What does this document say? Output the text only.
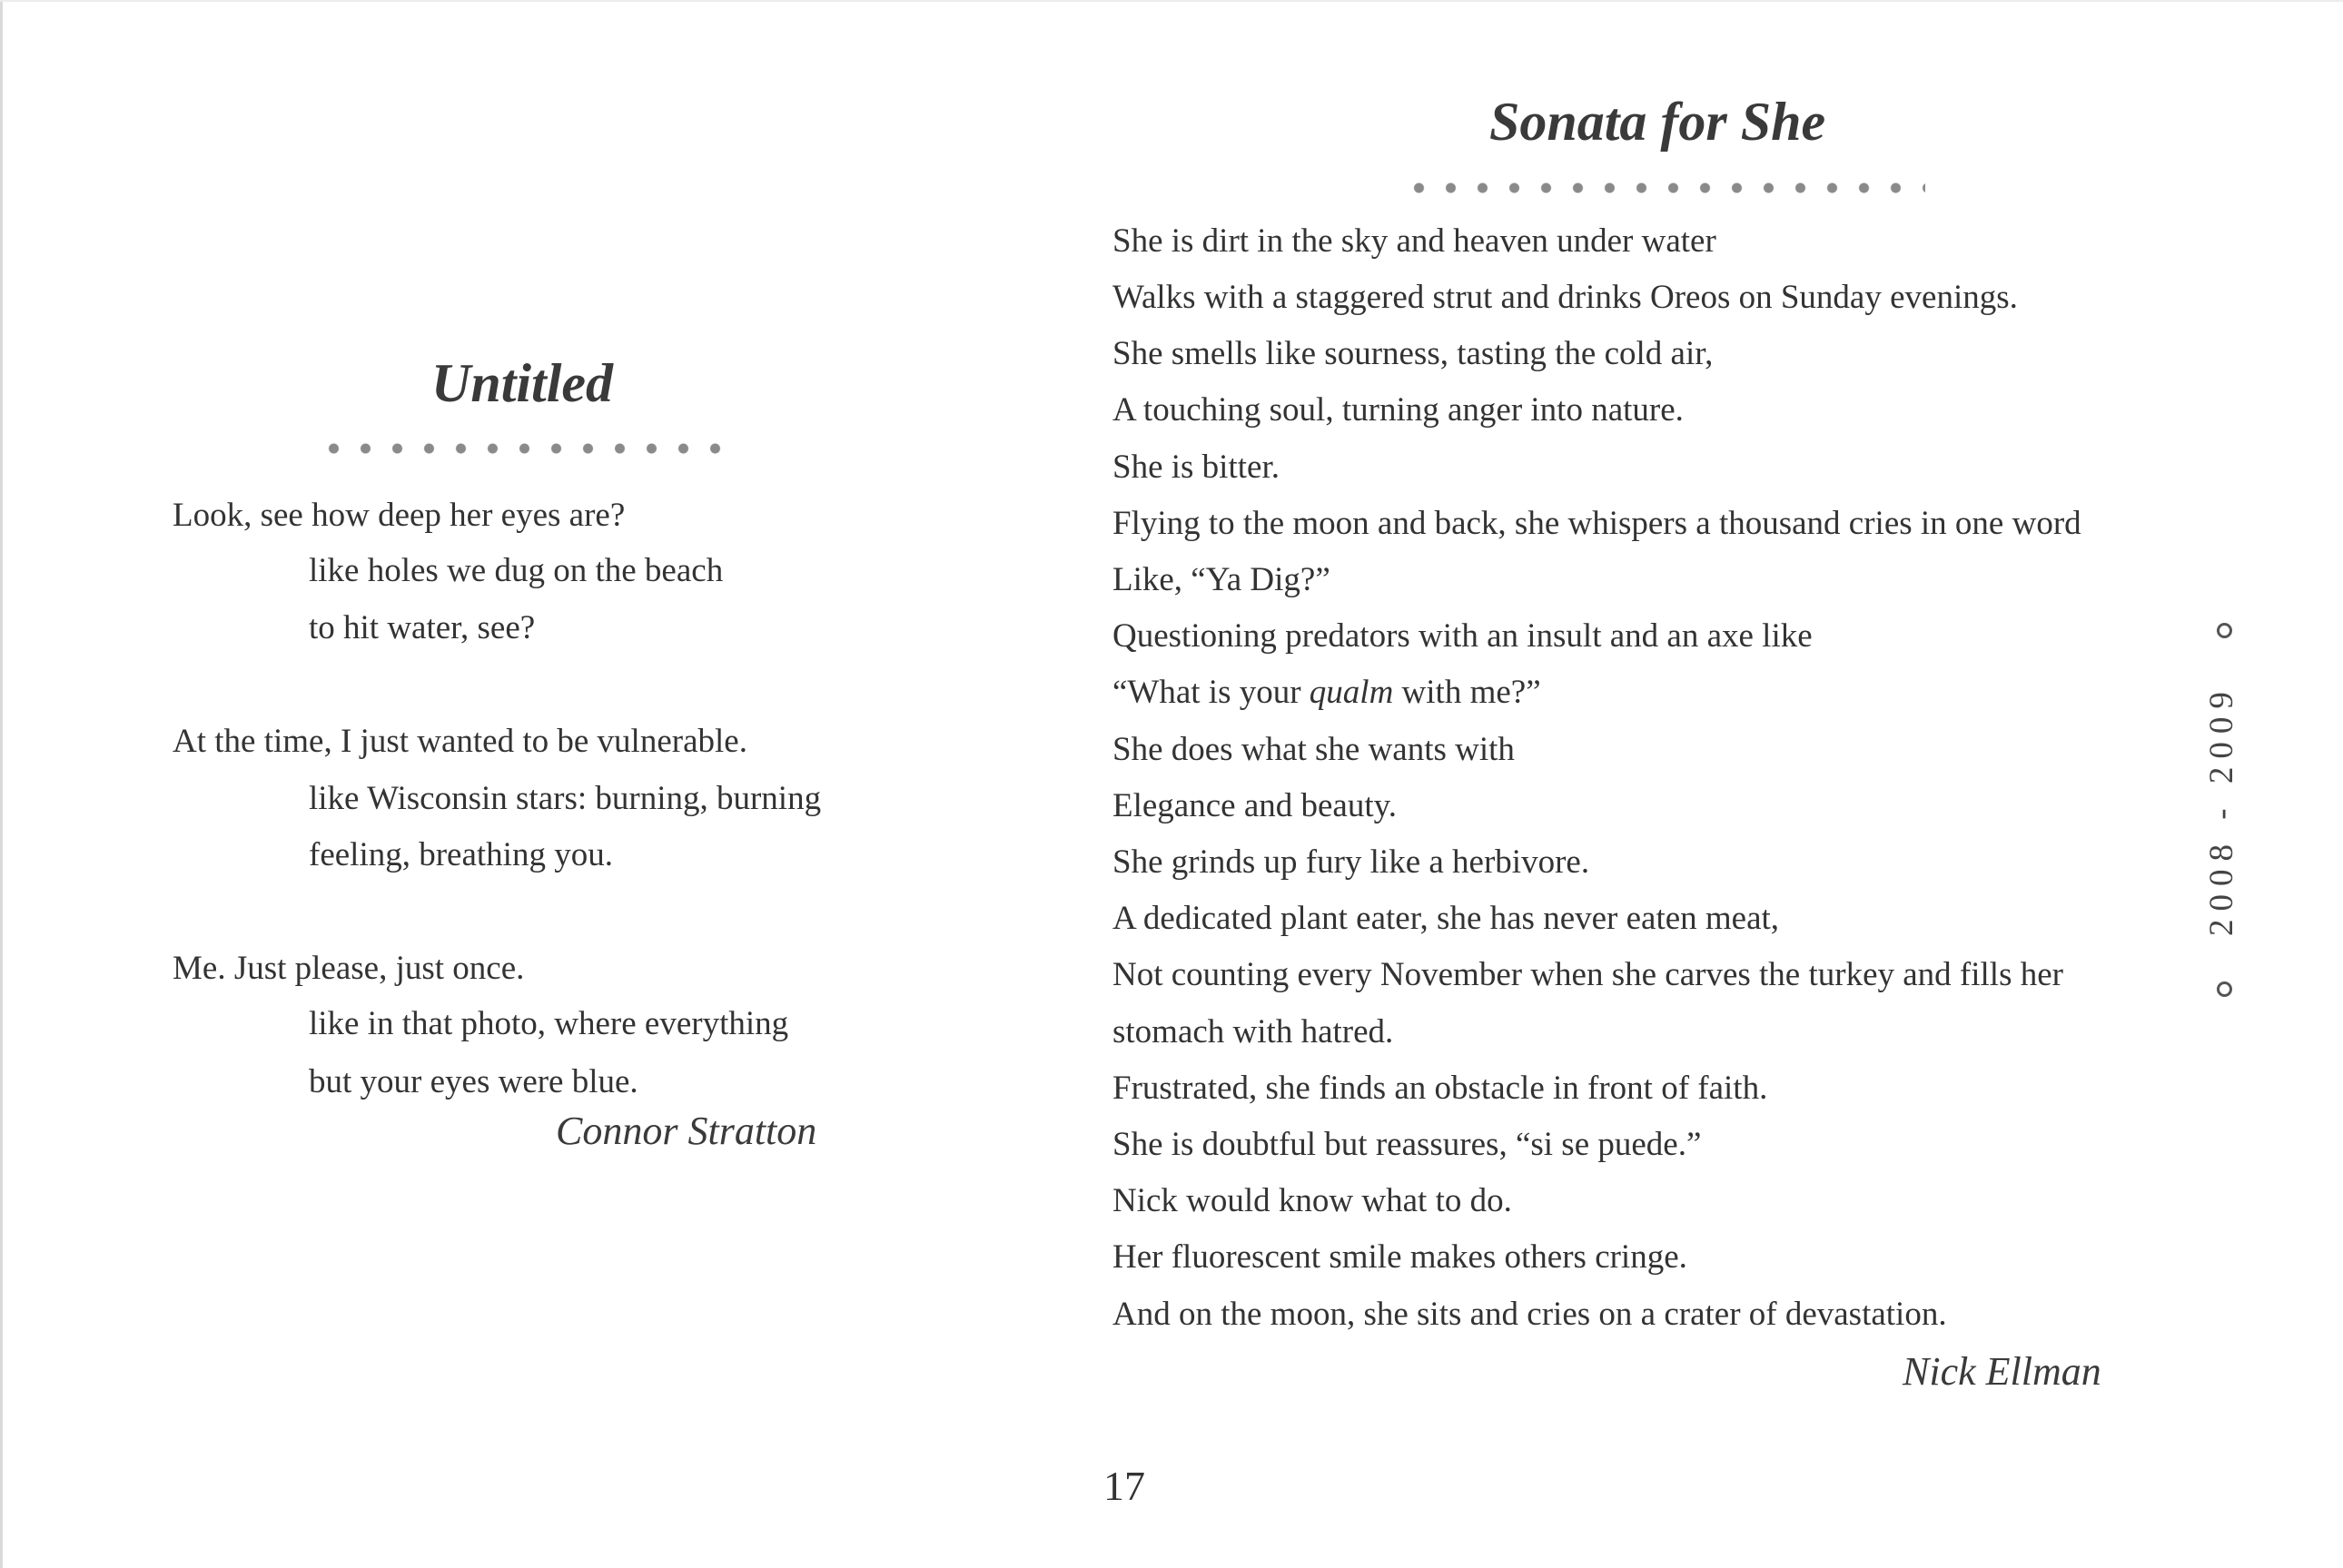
Untitled
Look, see how deep her eyes are?
like holes we dug on the beach
to hit water, see?
At the time, I just wanted to be vulnerable.
like Wisconsin stars: burning, burning
feeling, breathing you.
Me. Just please, just once.
like in that photo, where everything
but your eyes were blue.
Connor Stratton
Sonata for She
She is dirt in the sky and heaven under water
Walks with a staggered strut and drinks Oreos on Sunday evenings.
She smells like sourness, tasting the cold air,
A touching soul, turning anger into nature.
She is bitter.
Flying to the moon and back, she whispers a thousand cries in one word
Like, “Ya Dig?”
Questioning predators with an insult and an axe like
“What is your qualm with me?”
She does what she wants with
Elegance and beauty.
She grinds up fury like a herbivore.
A dedicated plant eater, she has never eaten meat,
Not counting every November when she carves the turkey and fills her
stomach with hatred.
Frustrated, she finds an obstacle in front of faith.
She is doubtful but reassures, “si se puede.”
Nick would know what to do.
Her fluorescent smile makes others cringe.
And on the moon, she sits and cries on a crater of devastation.
Nick Ellman
17
2008 - 2009
